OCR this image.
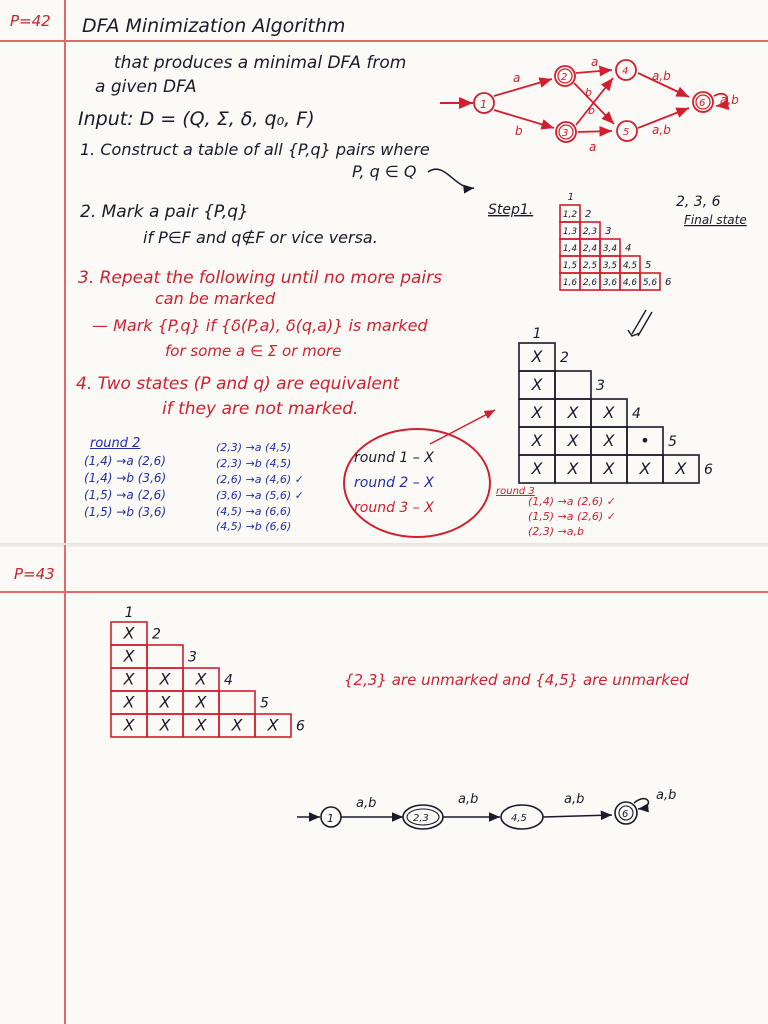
P=42 DFA Minimization Algorithm
that produces a minimal DFA from
a given DFA
Input: D = (Q, Σ, δ, q₀, F)
1. Construct a table of all {P,q} pairs where
P, q ∈ Q
2. Mark a pair {P,q}
if P∈F and q∉F or vice versa.
3. Repeat the following until no more pairs
can be marked
— Mark {P,q} if {δ(P,a), δ(q,a)} is marked
for some a ∈ Σ or more
4. Two states (P and q) are equivalent
if they are not marked.
round 2
(1,4) →a (2,6)
(1,4) →b (3,6)
(1,5) →a (2,6)
(1,5) →b (3,6)
(2,3) →a (4,5)
(2,3) →b (4,5)
(2,6) →a (4,6) ✓
(3,6) →a (5,6) ✓
(4,5) →a (6,6)
(4,5) →b (6,6)
round 1 – X
round 2 – X
round 3 – X
round 3
(1,4) →a (2,6) ✓
(1,5) →a (2,6) ✓
(2,3) →a,b
1
2
3
4
5
6
a
b
a
b
b
a
a,b
a,b
a,b
Step1.	2, 3, 6
Final state
1
1,2 2
1,3 2,3 3
1,4 2,4 3,4 4
1,5 2,5 3,5 4,5 5
1,6 2,6 3,6 4,6 5,6 6
1
X 2
X	3
X X X 4
X X X • 5
X X X X X 6
P=43
{2,3} are unmarked and {4,5} are unmarked
1
X 2
X	3
X X X 4
X X X	5
X X X X X 6
1	2,3	4,5	6
a,b	a,b	a,b	a,b
